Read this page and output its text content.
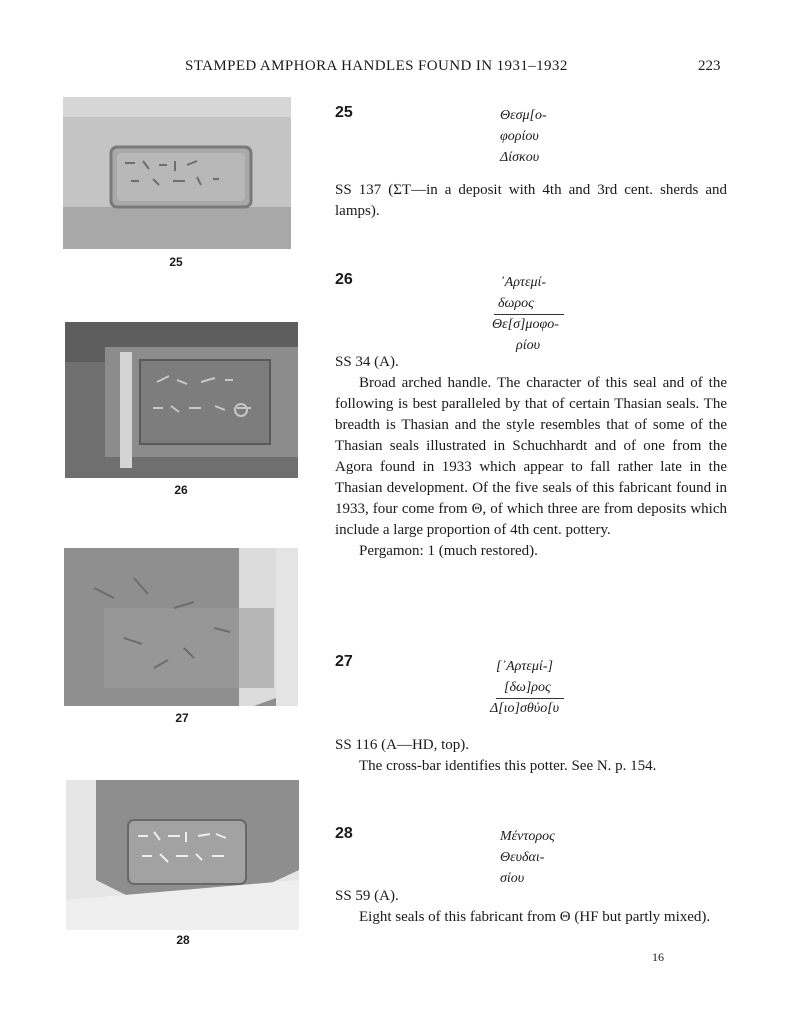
STAMPED AMPHORA HANDLES FOUND IN 1931–1932	223
25
26
27
28
25	Θεσμ[ο-
φορίου
Δίσκου

SS 137 (ΣΤ—in a deposit with 4th and 3rd cent. sherds and lamps).

26	᾿Αρτεμί-
δωρος
Θε[σ]μοφο-
ρίου

SS 34 (A).

Broad arched handle. The character of this seal and of the following is best paralleled by that of certain Thasian seals. The breadth is Thasian and the style resembles that of some of the Thasian seals illustrated in Schuchhardt and of one from the Agora found in 1933 which appear to fall rather late in the Thasian development. Of the five seals of this fabricant found in 1933, four come from Θ, of which three are from deposits which include a large proportion of 4th cent. pottery.

Pergamon: 1 (much restored).

27	[᾿Αρτεμί-]
[δω]ρος
Δ[ιο]σθύο[υ

SS 116 (A—HD, top).

The cross-bar identifies this potter. See N. p. 154.

28	Μέντορος
Θευδαι-
σίου

SS 59 (A).

Eight seals of this fabricant from Θ (HF but partly mixed).

16
